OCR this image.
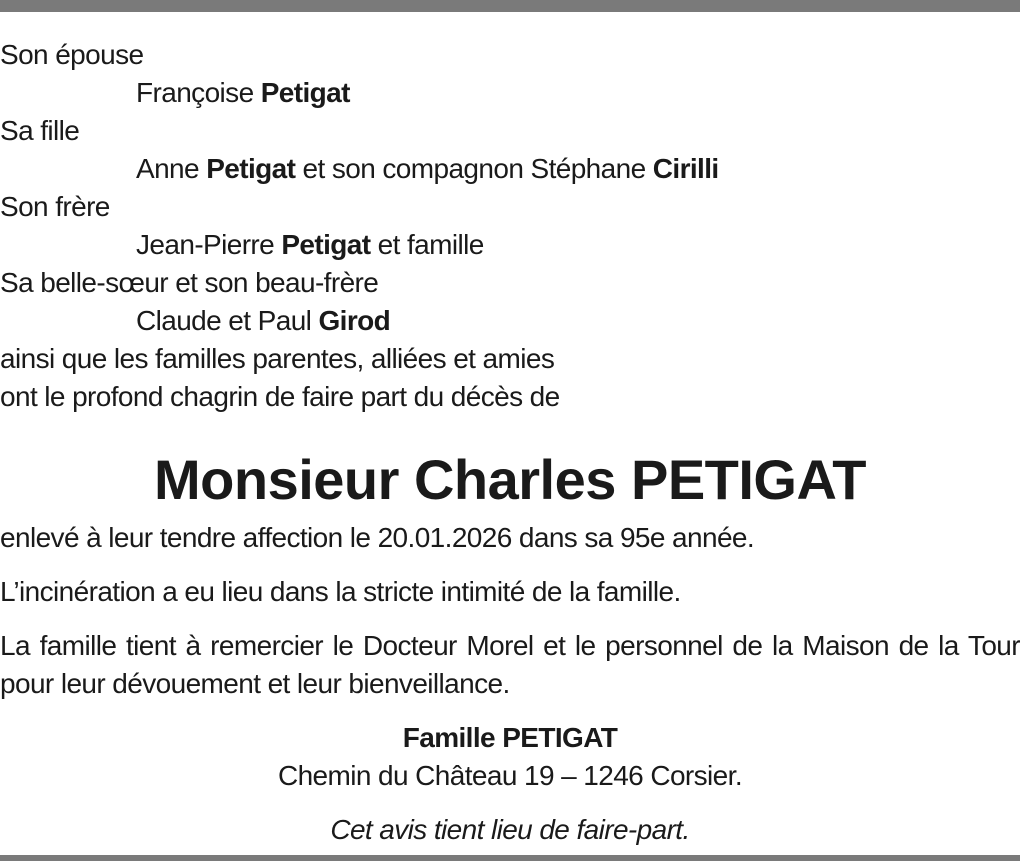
Son épouse
Françoise Petigat
Sa fille
Anne Petigat et son compagnon Stéphane Cirilli
Son frère
Jean-Pierre Petigat et famille
Sa belle-sœur et son beau-frère
Claude et Paul Girod
ainsi que les familles parentes, alliées et amies
ont le profond chagrin de faire part du décès de
Monsieur Charles PETIGAT
enlevé à leur tendre affection le 20.01.2026 dans sa 95e année.
L’incinération a eu lieu dans la stricte intimité de la famille.
La famille tient à remercier le Docteur Morel et le personnel de la Maison de la Tour pour leur dévouement et leur bienveillance.
Famille PETIGAT
Chemin du Château 19 – 1246 Corsier.
Cet avis tient lieu de faire-part.
